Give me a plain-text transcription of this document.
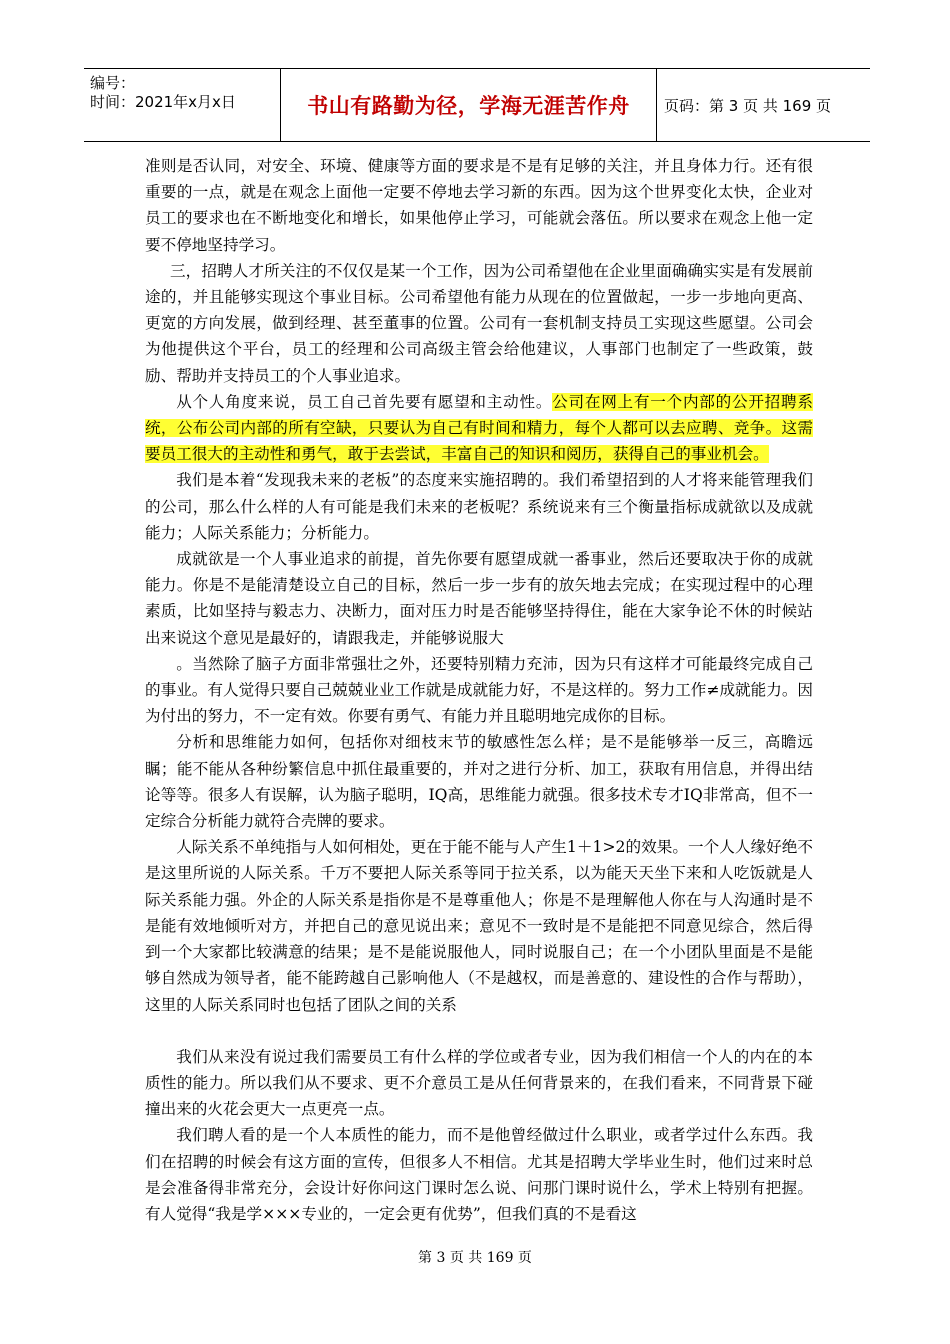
编号：
时间：2021年x月x日	书山有路勤为径，学海无涯苦作舟	页码：第 3 页 共 169 页

准则是否认同，对安全、环境、健康等方面的要求是不是有足够的关注，并且身体力行。还有很重要的一点，就是在观念上面他一定要不停地去学习新的东西。因为这个世界变化太快，企业对员工的要求也在不断地变化和增长，如果他停止学习，可能就会落伍。所以要求在观念上他一定要不停地坚持学习。

三，招聘人才所关注的不仅仅是某一个工作，因为公司希望他在企业里面确确实实是有发展前途的，并且能够实现这个事业目标。公司希望他有能力从现在的位置做起，一步一步地向更高、更宽的方向发展，做到经理、甚至董事的位置。公司有一套机制支持员工实现这些愿望。公司会为他提供这个平台，员工的经理和公司高级主管会给他建议，人事部门也制定了一些政策，鼓励、帮助并支持员工的个人事业追求。

从个人角度来说，员工自己首先要有愿望和主动性。公司在网上有一个内部的公开招聘系统，公布公司内部的所有空缺，只要认为自己有时间和精力，每个人都可以去应聘、竞争。这需要员工很大的主动性和勇气，敢于去尝试，丰富自己的知识和阅历，获得自己的事业机会。

我们是本着“发现我未来的老板”的态度来实施招聘的。我们希望招到的人才将来能管理我们的公司，那么什么样的人有可能是我们未来的老板呢？系统说来有三个衡量指标成就欲以及成就能力；人际关系能力；分析能力。

成就欲是一个人事业追求的前提，首先你要有愿望成就一番事业，然后还要取决于你的成就能力。你是不是能清楚设立自己的目标，然后一步一步有的放矢地去完成；在实现过程中的心理素质，比如坚持与毅志力、决断力，面对压力时是否能够坚持得住，能在大家争论不休的时候站出来说这个意见是最好的，请跟我走，并能够说服大

。当然除了脑子方面非常强壮之外，还要特别精力充沛，因为只有这样才可能最终完成自己的事业。有人觉得只要自己兢兢业业工作就是成就能力好，不是这样的。努力工作≠成就能力。因为付出的努力，不一定有效。你要有勇气、有能力并且聪明地完成你的目标。

分析和思维能力如何，包括你对细枝末节的敏感性怎么样；是不是能够举一反三，高瞻远瞩；能不能从各种纷繁信息中抓住最重要的，并对之进行分析、加工，获取有用信息，并得出结论等等。很多人有误解，认为脑子聪明，IQ高，思维能力就强。很多技术专才IQ非常高，但不一定综合分析能力就符合壳牌的要求。

人际关系不单纯指与人如何相处，更在于能不能与人产生1＋1>2的效果。一个人人缘好绝不是这里所说的人际关系。千万不要把人际关系等同于拉关系，以为能天天坐下来和人吃饭就是人际关系能力强。外企的人际关系是指你是不是尊重他人；你是不是理解他人你在与人沟通时是不是能有效地倾听对方，并把自己的意见说出来；意见不一致时是不是能把不同意见综合，然后得到一个大家都比较满意的结果；是不是能说服他人，同时说服自己；在一个小团队里面是不是能够自然成为领导者，能不能跨越自己影响他人（不是越权，而是善意的、建设性的合作与帮助），这里的人际关系同时也包括了团队之间的关系

我们从来没有说过我们需要员工有什么样的学位或者专业，因为我们相信一个人的内在的本质性的能力。所以我们从不要求、更不介意员工是从任何背景来的，在我们看来，不同背景下碰撞出来的火花会更大一点更亮一点。

我们聘人看的是一个人本质性的能力，而不是他曾经做过什么职业，或者学过什么东西。我们在招聘的时候会有这方面的宣传，但很多人不相信。尤其是招聘大学毕业生时，他们过来时总是会准备得非常充分，会设计好你问这门课时怎么说、问那门课时说什么，学术上特别有把握。有人觉得“我是学×××专业的，一定会更有优势”，但我们真的不是看这

第 3 页 共 169 页
